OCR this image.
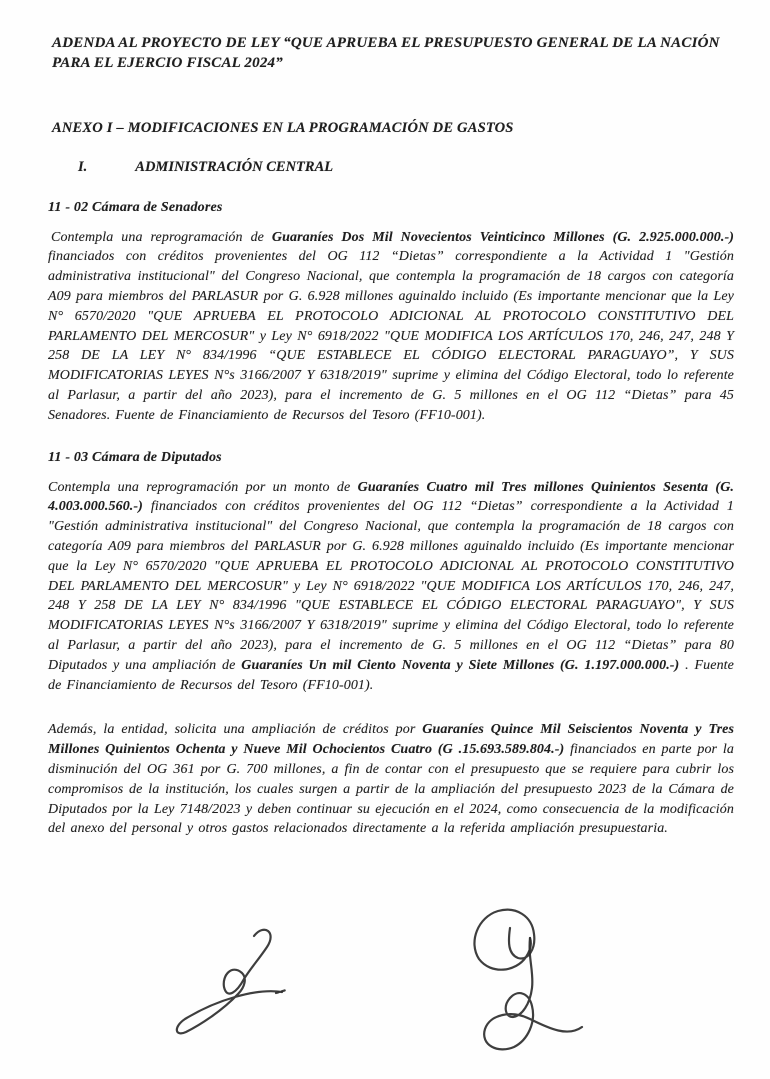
ADENDA AL PROYECTO DE LEY “QUE APRUEBA EL PRESUPUESTO GENERAL DE LA NACIÓN PARA EL EJERCIO FISCAL 2024”
ANEXO I – MODIFICACIONES EN LA PROGRAMACIÓN DE GASTOS
I.	ADMINISTRACIÓN CENTRAL
11 - 02 Cámara de Senadores

Contempla una reprogramación de Guaraníes Dos Mil Novecientos Veinticinco Millones (G. 2.925.000.000.-) financiados con créditos provenientes del OG 112 “Dietas” correspondiente a la Actividad 1 "Gestión administrativa institucional" del Congreso Nacional, que contempla la programación de 18 cargos con categoría A09 para miembros del PARLASUR por G. 6.928 millones aguinaldo incluido (Es importante mencionar que la Ley N° 6570/2020 "QUE APRUEBA EL PROTOCOLO ADICIONAL AL PROTOCOLO CONSTITUTIVO DEL PARLAMENTO DEL MERCOSUR" y Ley N° 6918/2022 "QUE MODIFICA LOS ARTÍCULOS 170, 246, 247, 248 Y 258 DE LA LEY N° 834/1996 “QUE ESTABLECE EL CÓDIGO ELECTORAL PARAGUAYO”, Y SUS MODIFICATORIAS LEYES N°s 3166/2007 Y 6318/2019" suprime y elimina del Código Electoral, todo lo referente al Parlasur, a partir del año 2023), para el incremento de G. 5 millones en el OG 112 “Dietas” para 45 Senadores. Fuente de Financiamiento de Recursos del Tesoro (FF10-001).

11 - 03 Cámara de Diputados

Contempla una reprogramación por un monto de Guaraníes Cuatro mil Tres millones Quinientos Sesenta (G. 4.003.000.560.-) financiados con créditos provenientes del OG 112 “Dietas” correspondiente a la Actividad 1 "Gestión administrativa institucional" del Congreso Nacional, que contempla la programación de 18 cargos con categoría A09 para miembros del PARLASUR por G. 6.928 millones aguinaldo incluido (Es importante mencionar que la Ley N° 6570/2020 "QUE APRUEBA EL PROTOCOLO ADICIONAL AL PROTOCOLO CONSTITUTIVO DEL PARLAMENTO DEL MERCOSUR" y Ley N° 6918/2022 "QUE MODIFICA LOS ARTÍCULOS 170, 246, 247, 248 Y 258 DE LA LEY N° 834/1996 "QUE ESTABLECE EL CÓDIGO ELECTORAL PARAGUAYO", Y SUS MODIFICATORIAS LEYES N°s 3166/2007 Y 6318/2019" suprime y elimina del Código Electoral, todo lo referente al Parlasur, a partir del año 2023), para el incremento de G. 5 millones en el OG 112 “Dietas” para 80 Diputados y una ampliación de Guaraníes Un mil Ciento Noventa y Siete Millones (G. 1.197.000.000.-) . Fuente de Financiamiento de Recursos del Tesoro (FF10-001).

Además, la entidad, solicita una ampliación de créditos por Guaraníes Quince Mil Seiscientos Noventa y Tres Millones Quinientos Ochenta y Nueve Mil Ochocientos Cuatro (G .15.693.589.804.-) financiados en parte por la disminución del OG 361 por G. 700 millones, a fin de contar con el presupuesto que se requiere para cubrir los compromisos de la institución, los cuales surgen a partir de la ampliación del presupuesto 2023 de la Cámara de Diputados por la Ley 7148/2023 y deben continuar su ejecución en el 2024, como consecuencia de la modificación del anexo del personal y otros gastos relacionados directamente a la referida ampliación presupuestaria.
